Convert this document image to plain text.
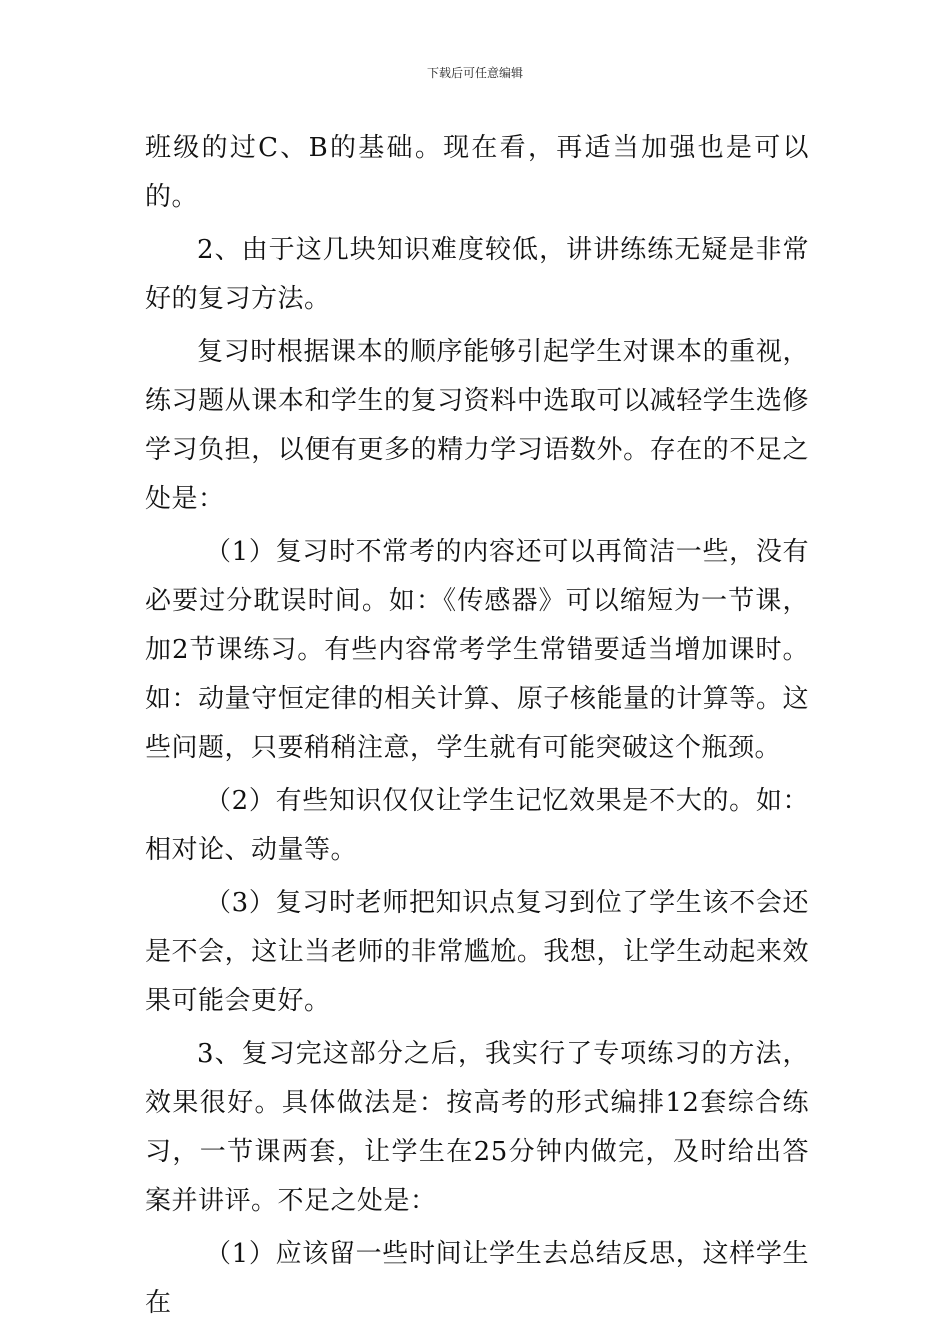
下载后可任意编辑

班级的过C、B的基础。现在看，再适当加强也是可以的。

2、由于这几块知识难度较低，讲讲练练无疑是非常好的复习方法。

复习时根据课本的顺序能够引起学生对课本的重视，练习题从课本和学生的复习资料中选取可以减轻学生选修学习负担，以便有更多的精力学习语数外。存在的不足之处是：

（1）复习时不常考的内容还可以再简洁一些，没有必要过分耽误时间。如：《传感器》可以缩短为一节课，加2节课练习。有些内容常考学生常错要适当增加课时。如：动量守恒定律的相关计算、原子核能量的计算等。这些问题，只要稍稍注意，学生就有可能突破这个瓶颈。

（2）有些知识仅仅让学生记忆效果是不大的。如：相对论、动量等。

（3）复习时老师把知识点复习到位了学生该不会还是不会，这让当老师的非常尴尬。我想，让学生动起来效果可能会更好。

3、复习完这部分之后，我实行了专项练习的方法，效果很好。具体做法是：按高考的形式编排12套综合练习，一节课两套，让学生在25分钟内做完，及时给出答案并讲评。不足之处是：

（1）应该留一些时间让学生去总结反思，这样学生在
